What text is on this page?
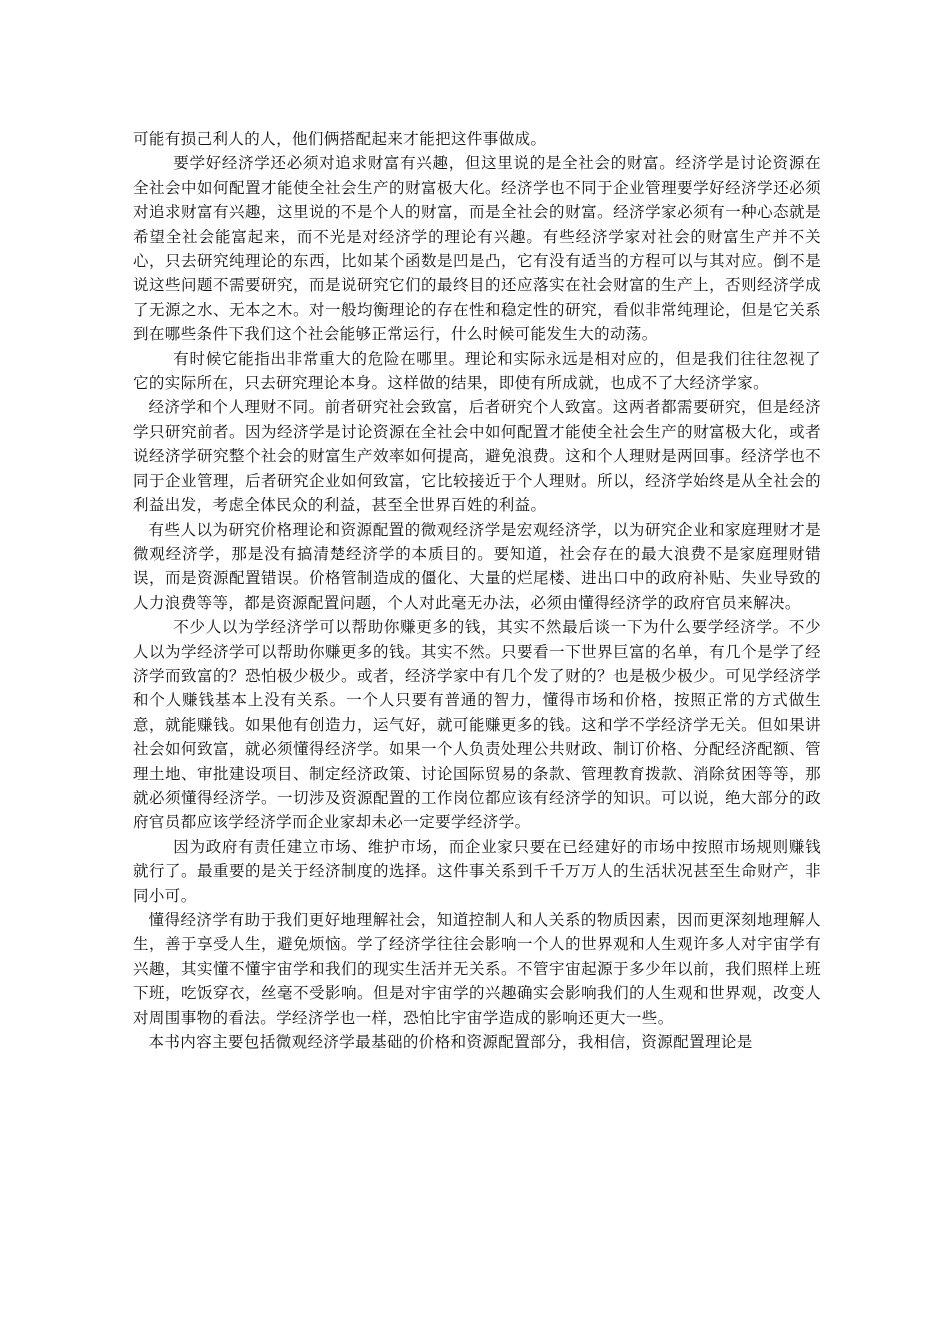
可能有损己利人的人，他们俩搭配起来才能把这件事做成。

要学好经济学还必须对追求财富有兴趣，但这里说的是全社会的财富。经济学是讨论资源在全社会中如何配置才能使全社会生产的财富极大化。经济学也不同于企业管理要学好经济学还必须对追求财富有兴趣，这里说的不是个人的财富，而是全社会的财富。经济学家必须有一种心态就是希望全社会能富起来，而不光是对经济学的理论有兴趣。有些经济学家对社会的财富生产并不关心，只去研究纯理论的东西，比如某个函数是凹是凸，它有没有适当的方程可以与其对应。倒不是说这些问题不需要研究，而是说研究它们的最终目的还应落实在社会财富的生产上，否则经济学成了无源之水、无本之木。对一般均衡理论的存在性和稳定性的研究，看似非常纯理论，但是它关系到在哪些条件下我们这个社会能够正常运行，什么时候可能发生大的动荡。

有时候它能指出非常重大的危险在哪里。理论和实际永远是相对应的，但是我们往往忽视了它的实际所在，只去研究理论本身。这样做的结果，即使有所成就，也成不了大经济学家。

经济学和个人理财不同。前者研究社会致富，后者研究个人致富。这两者都需要研究，但是经济学只研究前者。因为经济学是讨论资源在全社会中如何配置才能使全社会生产的财富极大化，或者说经济学研究整个社会的财富生产效率如何提高，避免浪费。这和个人理财是两回事。经济学也不同于企业管理，后者研究企业如何致富，它比较接近于个人理财。所以，经济学始终是从全社会的利益出发，考虑全体民众的利益，甚至全世界百姓的利益。

有些人以为研究价格理论和资源配置的微观经济学是宏观经济学，以为研究企业和家庭理财才是微观经济学，那是没有搞清楚经济学的本质目的。要知道，社会存在的最大浪费不是家庭理财错误，而是资源配置错误。价格管制造成的僵化、大量的烂尾楼、进出口中的政府补贴、失业导致的人力浪费等等，都是资源配置问题，个人对此毫无办法，必须由懂得经济学的政府官员来解决。

不少人以为学经济学可以帮助你赚更多的钱，其实不然最后谈一下为什么要学经济学。不少人以为学经济学可以帮助你赚更多的钱。其实不然。只要看一下世界巨富的名单，有几个是学了经济学而致富的？恐怕极少极少。或者，经济学家中有几个发了财的？也是极少极少。可见学经济学和个人赚钱基本上没有关系。一个人只要有普通的智力，懂得市场和价格，按照正常的方式做生意，就能赚钱。如果他有创造力，运气好，就可能赚更多的钱。这和学不学经济学无关。但如果讲社会如何致富，就必须懂得经济学。如果一个人负责处理公共财政、制订价格、分配经济配额、管理土地、审批建设项目、制定经济政策、讨论国际贸易的条款、管理教育拨款、消除贫困等等，那就必须懂得经济学。一切涉及资源配置的工作岗位都应该有经济学的知识。可以说，绝大部分的政府官员都应该学经济学而企业家却未必一定要学经济学。

因为政府有责任建立市场、维护市场，而企业家只要在已经建好的市场中按照市场规则赚钱就行了。最重要的是关于经济制度的选择。这件事关系到千千万万人的生活状况甚至生命财产，非同小可。

懂得经济学有助于我们更好地理解社会，知道控制人和人关系的物质因素，因而更深刻地理解人生，善于享受人生，避免烦恼。学了经济学往往会影响一个人的世界观和人生观许多人对宇宙学有兴趣，其实懂不懂宇宙学和我们的现实生活并无关系。不管宇宙起源于多少年以前，我们照样上班下班，吃饭穿衣，丝毫不受影响。但是对宇宙学的兴趣确实会影响我们的人生观和世界观，改变人对周围事物的看法。学经济学也一样，恐怕比宇宙学造成的影响还更大一些。

本书内容主要包括微观经济学最基础的价格和资源配置部分，我相信，资源配置理论是
